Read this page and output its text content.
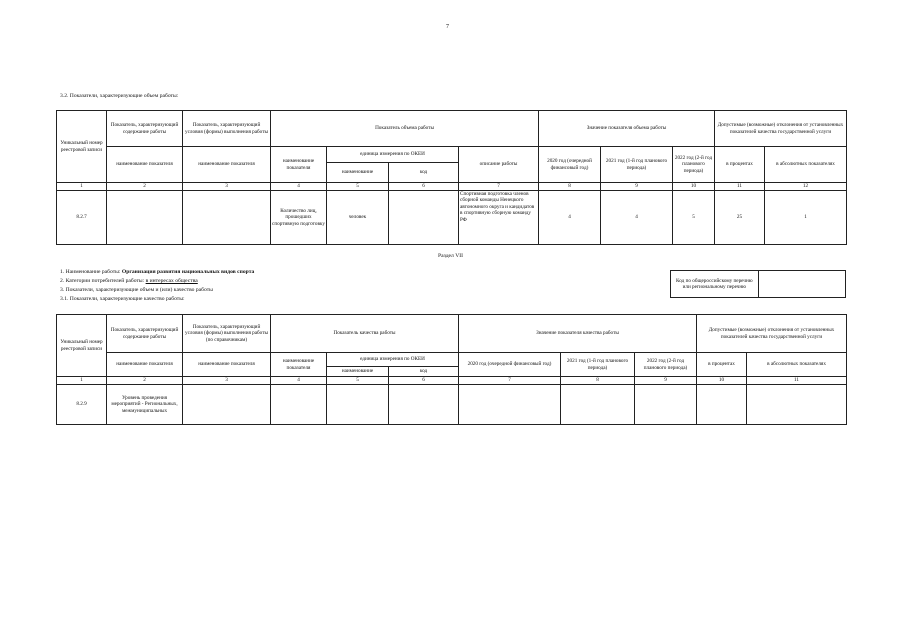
7
3.2. Показатели, характеризующие объем работы:
Уникальный номер реестровой записи	Показатель, характеризующий содержание работы	Показатель, характеризующий условия (формы) выполнения работы	Показатель объема работы				Значение показателя объема работы			Допустимые (возможные) отклонения от установленных показателей качества государственной услуги	
	наименование показателя	наименование показателя	наименование показателя	единица измерения по ОКЕИ		описание работы	2020 год (очередной финансовый год)	2021 год (1-й год планового периода)	2022 год (2-й год планового периода)	в процентах	в абсолютных показателях
				наименование	код						
1	2	3	4	5	6	7	8	9	10	11	12
8.2.7			Количество лиц, прошедших спортивную подготовку	человек		Спортивная подготовка членов сборной команды Ненецкого автономного округа и кандидатов в спортивную сборную команду РФ	4	4	5	25	1
Раздел VII
1. Наименование работы: Организация развития национальных видов спорта
2. Категории потребителей работы: в интересах общества
3. Показатели, характеризующие объем и (или) качество работы
3.1. Показатели, характеризующие качество работы:
Код по общероссийскому перечню или региональному перечню	
Уникальный номер реестровой записи	Показатель, характеризующий содержание работы	Показатель, характеризующий условия (формы) выполнения работы (по справочникам)	Показатель качества работы			Значение показателя качества работы			Допустимые (возможные) отклонения от установленных показателей качества государственной услуги	
	наименование показателя	наименование показателя	наименование показателя	единица измерения по ОКЕИ		2020 год (очередной финансовый год)	2021 год (1-й год планового периода)	2022 год (2-й год планового периода)	в процентах	в абсолютных показателях
				наименование	код					
1	2	3	4	5	6	7	8	9	10	11
8.2.9	Уровень проведения мероприятий - Региональных, межмуниципальных									
